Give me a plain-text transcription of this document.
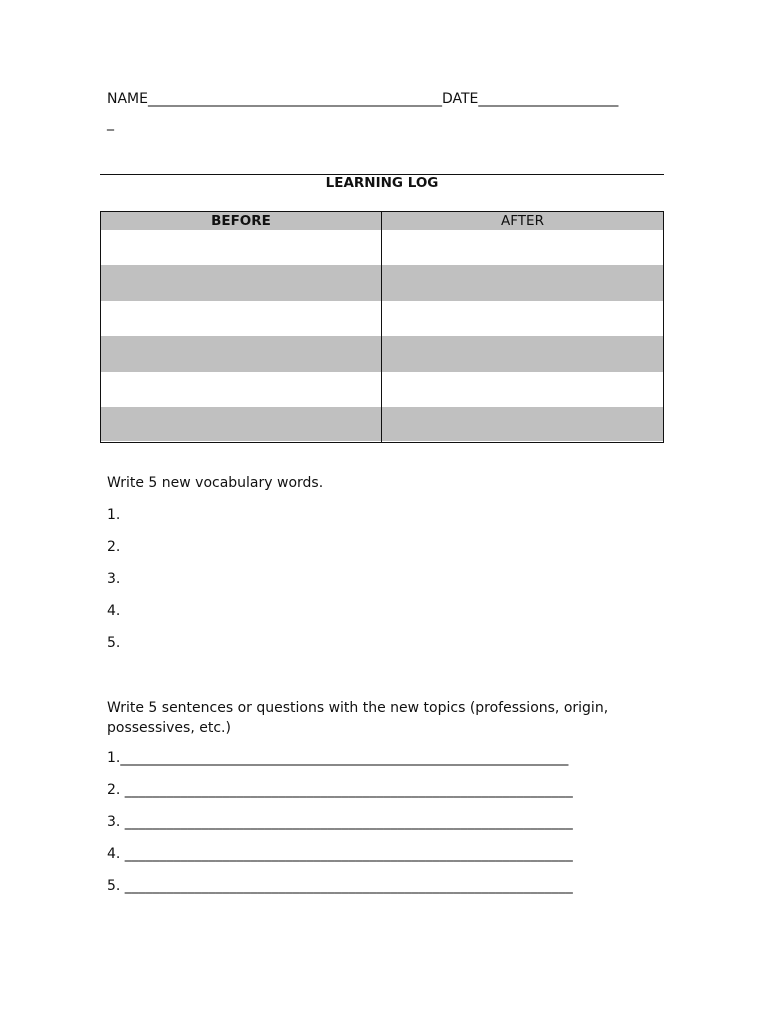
NAME__________________________________________DATE____________________
_
LEARNING LOG
BEFORE	AFTER
Write 5 new vocabulary words.
1.
2.
3.
4.
5.
Write 5 sentences or questions with the new topics (professions, origin, possessives, etc.)
1.________________________________________________________________
2. ________________________________________________________________
3. ________________________________________________________________
4. ________________________________________________________________
5. ________________________________________________________________
